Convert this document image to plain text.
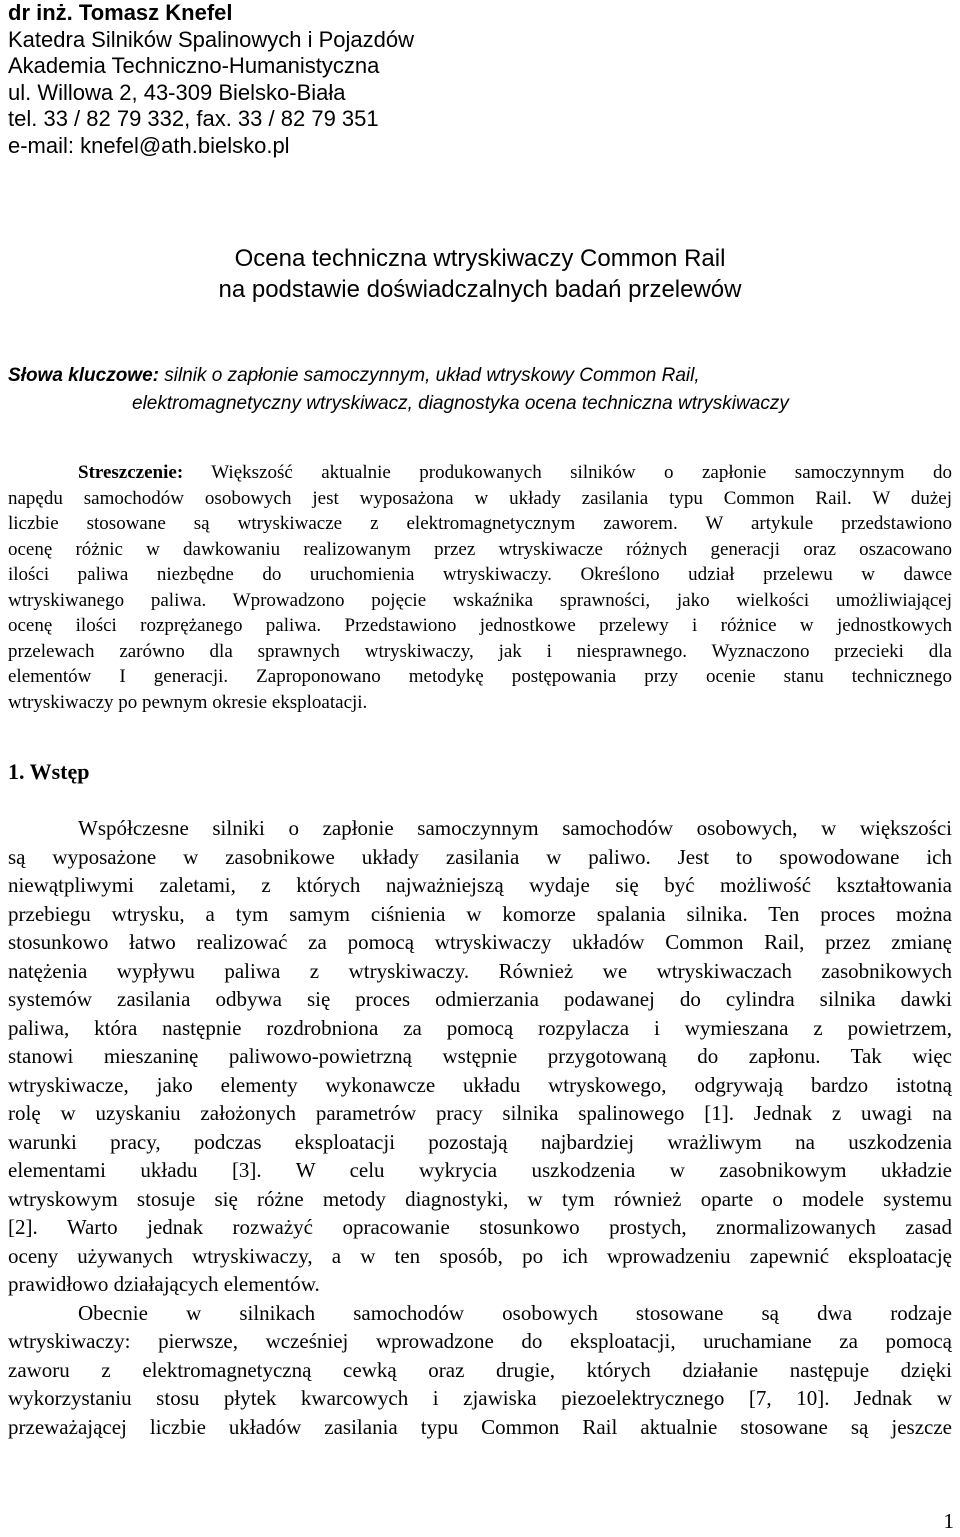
dr inż. Tomasz Knefel
Katedra Silników Spalinowych i Pojazdów
Akademia Techniczno-Humanistyczna
ul. Willowa 2, 43-309 Bielsko-Biała
tel. 33 / 82 79 332, fax. 33 / 82 79 351
e-mail: knefel@ath.bielsko.pl
Ocena techniczna wtryskiwaczy Common Rail
na podstawie doświadczalnych badań przelewów
Słowa kluczowe: silnik o zapłonie samoczynnym, układ wtryskowy Common Rail,
elektromagnetyczny wtryskiwacz, diagnostyka ocena techniczna wtryskiwaczy
Streszczenie: Większość aktualnie produkowanych silników o zapłonie samoczynnym do
napędu samochodów osobowych jest wyposażona w układy zasilania typu Common Rail. W dużej
liczbie stosowane są wtryskiwacze z elektromagnetycznym zaworem. W artykule przedstawiono
ocenę różnic w dawkowaniu realizowanym przez wtryskiwacze różnych generacji oraz oszacowano
ilości paliwa niezbędne do uruchomienia wtryskiwaczy. Określono udział przelewu w dawce
wtryskiwanego paliwa. Wprowadzono pojęcie wskaźnika sprawności, jako wielkości umożliwiającej
ocenę ilości rozprężanego paliwa. Przedstawiono jednostkowe przelewy i różnice w jednostkowych
przelewach zarówno dla sprawnych wtryskiwaczy, jak i niesprawnego. Wyznaczono przecieki dla
elementów I generacji. Zaproponowano metodykę postępowania przy ocenie stanu technicznego
wtryskiwaczy po pewnym okresie eksploatacji.
1. Wstęp
Współczesne silniki o zapłonie samoczynnym samochodów osobowych, w większości
są wyposażone w zasobnikowe układy zasilania w paliwo. Jest to spowodowane ich
niewątpliwymi zaletami, z których najważniejszą wydaje się być możliwość kształtowania
przebiegu wtrysku, a tym samym ciśnienia w komorze spalania silnika. Ten proces można
stosunkowo łatwo realizować za pomocą wtryskiwaczy układów Common Rail, przez zmianę
natężenia wypływu paliwa z wtryskiwaczy. Również we wtryskiwaczach zasobnikowych
systemów zasilania odbywa się proces odmierzania podawanej do cylindra silnika dawki
paliwa, która następnie rozdrobniona za pomocą rozpylacza i wymieszana z powietrzem,
stanowi mieszaninę paliwowo-powietrzną wstępnie przygotowaną do zapłonu. Tak więc
wtryskiwacze, jako elementy wykonawcze układu wtryskowego, odgrywają bardzo istotną
rolę w uzyskaniu założonych parametrów pracy silnika spalinowego [1]. Jednak z uwagi na
warunki pracy, podczas eksploatacji pozostają najbardziej wrażliwym na uszkodzenia
elementami układu [3]. W celu wykrycia uszkodzenia w zasobnikowym układzie
wtryskowym stosuje się różne metody diagnostyki, w tym również oparte o modele systemu
[2]. Warto jednak rozważyć opracowanie stosunkowo prostych, znormalizowanych zasad
oceny używanych wtryskiwaczy, a w ten sposób, po ich wprowadzeniu zapewnić eksploatację
prawidłowo działających elementów.
Obecnie w silnikach samochodów osobowych stosowane są dwa rodzaje
wtryskiwaczy: pierwsze, wcześniej wprowadzone do eksploatacji, uruchamiane za pomocą
zaworu z elektromagnetyczną cewką oraz drugie, których działanie następuje dzięki
wykorzystaniu stosu płytek kwarcowych i zjawiska piezoelektrycznego [7, 10]. Jednak w
przeważającej liczbie układów zasilania typu Common Rail aktualnie stosowane są jeszcze
1
